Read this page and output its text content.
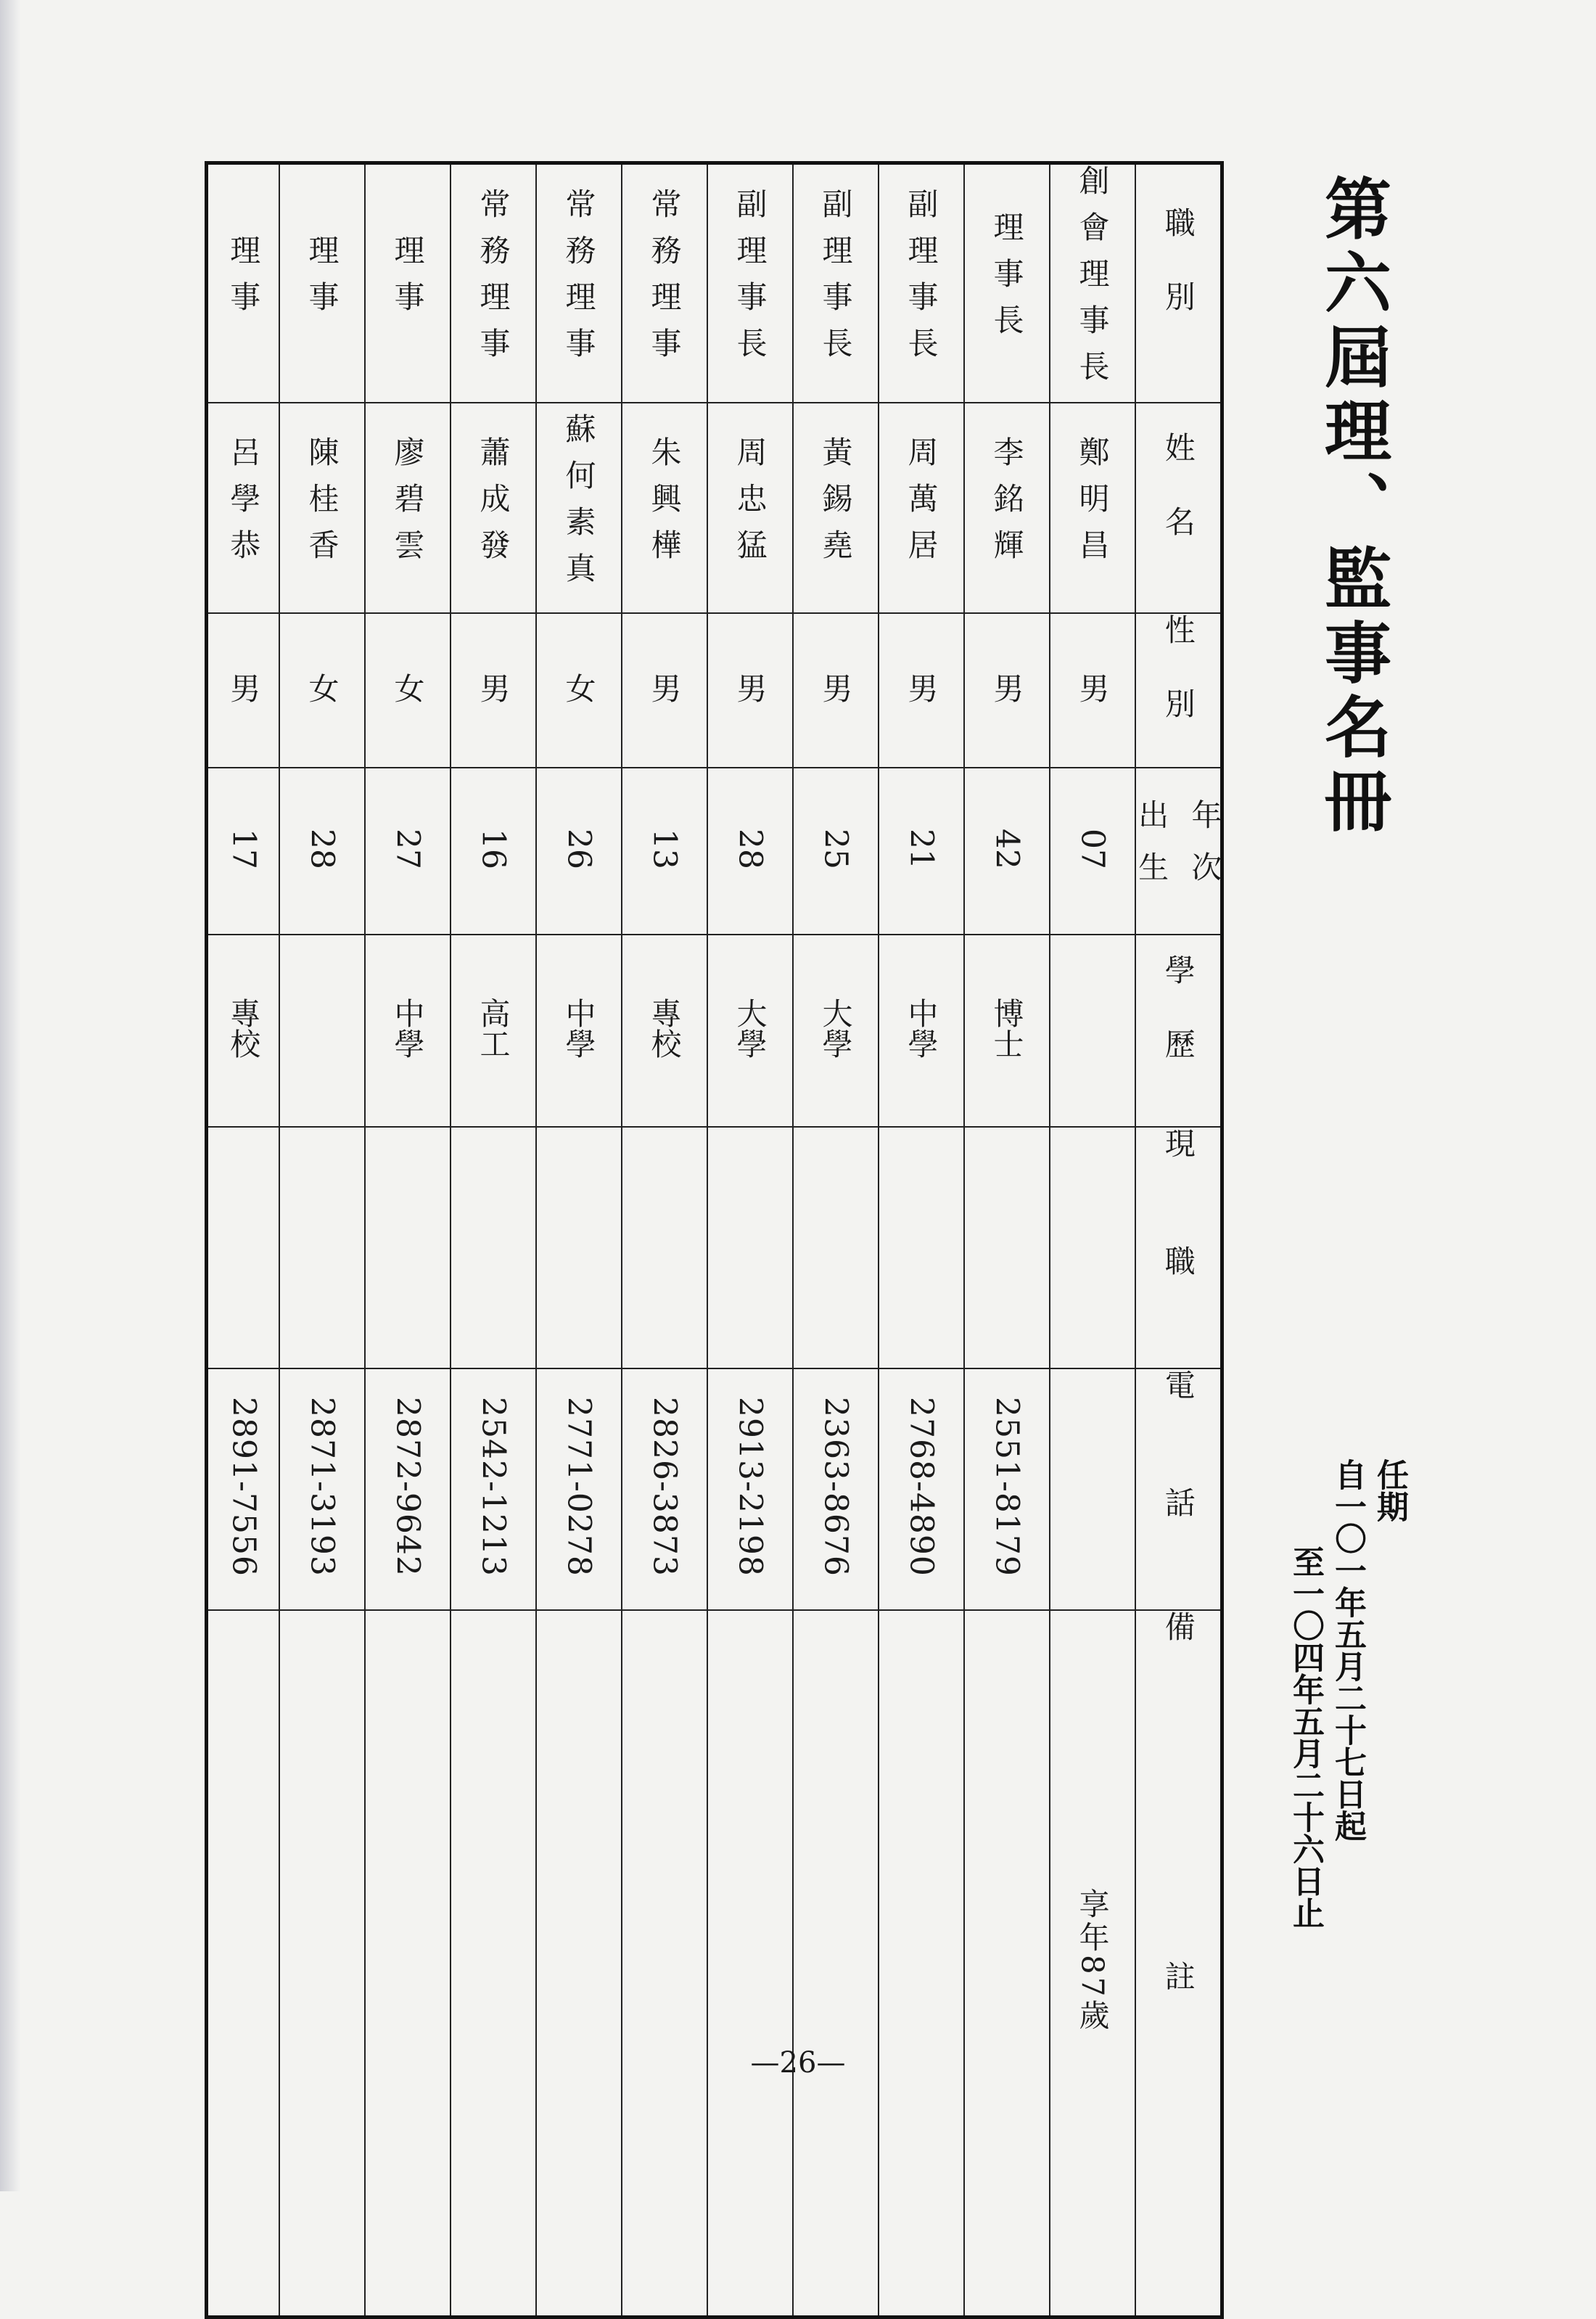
第六屆理、監事名冊
任期
自一〇一年五月二十七日起
至一〇四年五月二十六日止
職別	創會理事長	理事長	副理事長	副理事長	副理事長	常務理事	常務理事	常務理事	理事	理事	理事
姓名	鄭明昌	李銘輝	周萬居	黃錫堯	周忠猛	朱興樺	蘇何素真	蕭成發	廖碧雲	陳桂香	呂學恭
性別	男	男	男	男	男	男	女	男	女	女	男

出生 年次	07	42	21	25	28	13	26	16	27	28	17
學歷		博士	中學	大學	大學	專校	中學	高工	中學		專校
現職											
電話		2551-8179	2768-4890	2363-8676	2913-2198	2826-3873	2771-0278	2542-1213	2872-9642	2871-3193	2891-7556
備註	享年87歲										
—26—
